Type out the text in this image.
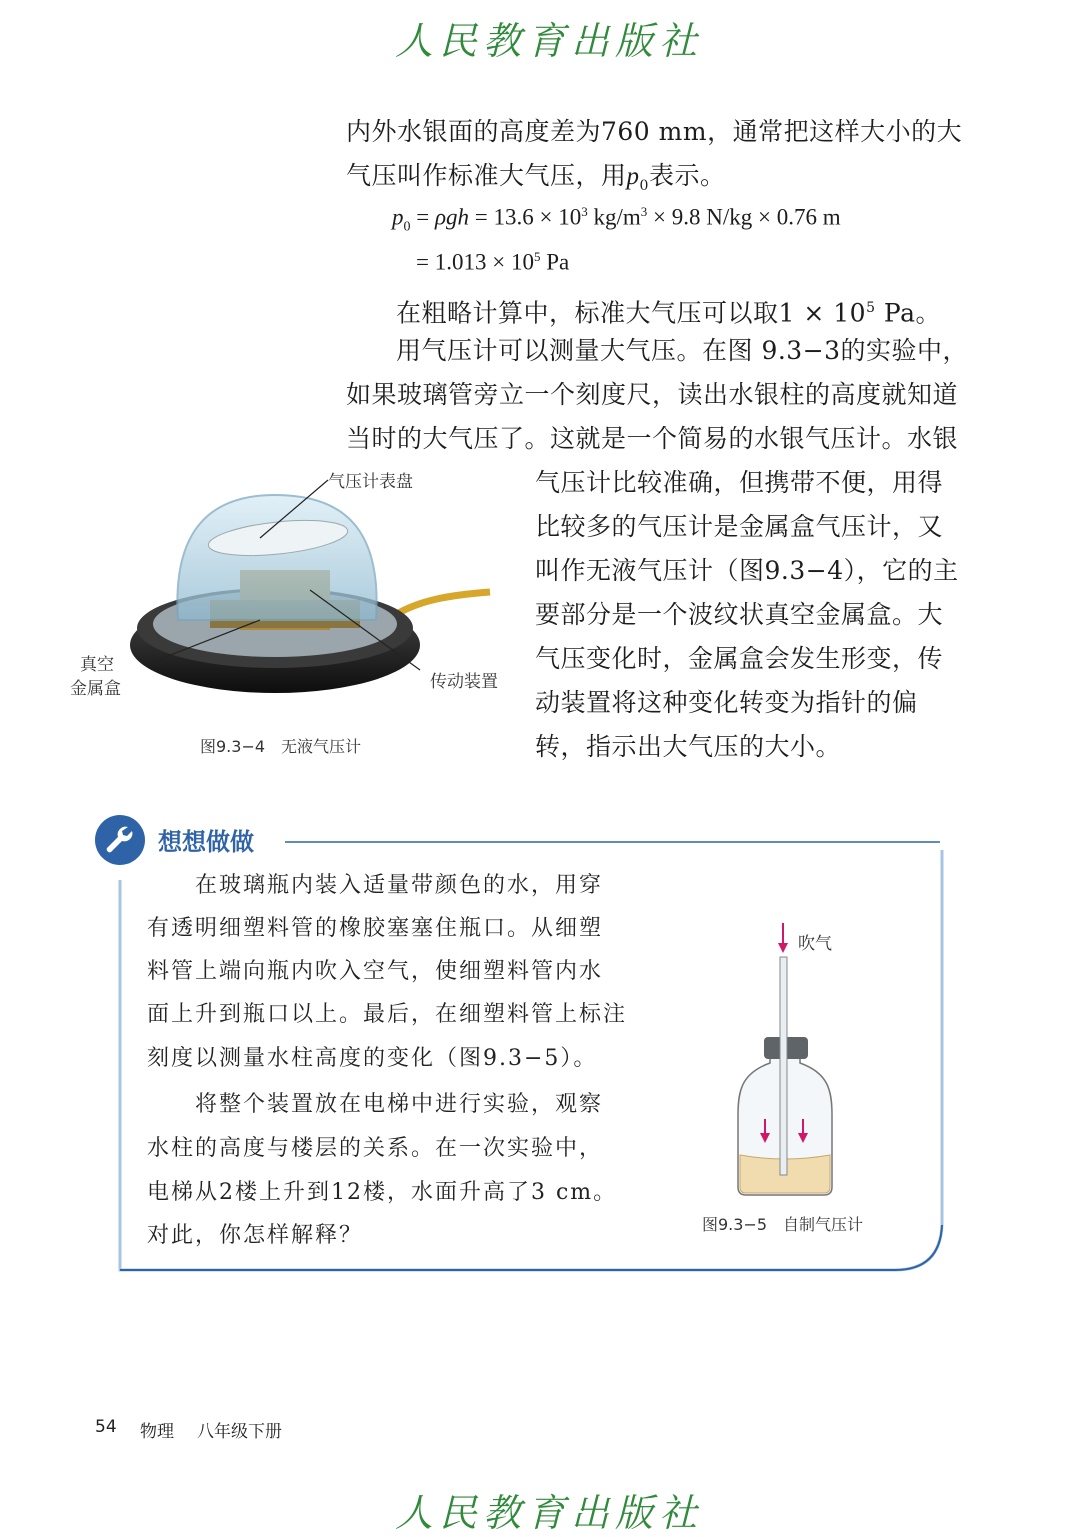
人民教育出版社
内外水银面的高度差为760 mm，通常把这样大小的大
气压叫作标准大气压，用$p_0$表示。
$p_0 = \rho gh = 13.6 \times 10^3$ $kg/m^3 \times 9.8$ N/kg × 0.76 m
= $1.013 \times 10^5$ Pa
在粗略计算中，标准大气压可以取$1 \times 10^5$ Pa。
用气压计可以测量大气压。在图 9.3−3的实验中，
如果玻璃管旁立一个刻度尺，读出水银柱的高度就知道
当时的大气压了。这就是一个简易的水银气压计。水银
气压计比较准确，但携带不便，用得
比较多的气压计是金属盒气压计，又
叫作无液气压计（图9.3−4），它的主
要部分是一个波纹状真空金属盒。大
气压变化时，金属盒会发生形变，传
动装置将这种变化转变为指针的偏
转，指示出大气压的大小。
气压计表盘
真空
金属盒	传动装置
图9.3−4　无液气压计
想想做做
在玻璃瓶内装入适量带颜色的水，用穿
有透明细塑料管的橡胶塞塞住瓶口。从细塑
料管上端向瓶内吹入空气，使细塑料管内水
面上升到瓶口以上。最后，在细塑料管上标注
刻度以测量水柱高度的变化（图9.3−5）。
将整个装置放在电梯中进行实验，观察
水柱的高度与楼层的关系。在一次实验中，
电梯从2楼上升到12楼，水面升高了3 cm。
对此，你怎样解释？
吹气
图9.3−5　自制气压计
54 物理 八年级下册
人民教育出版社
